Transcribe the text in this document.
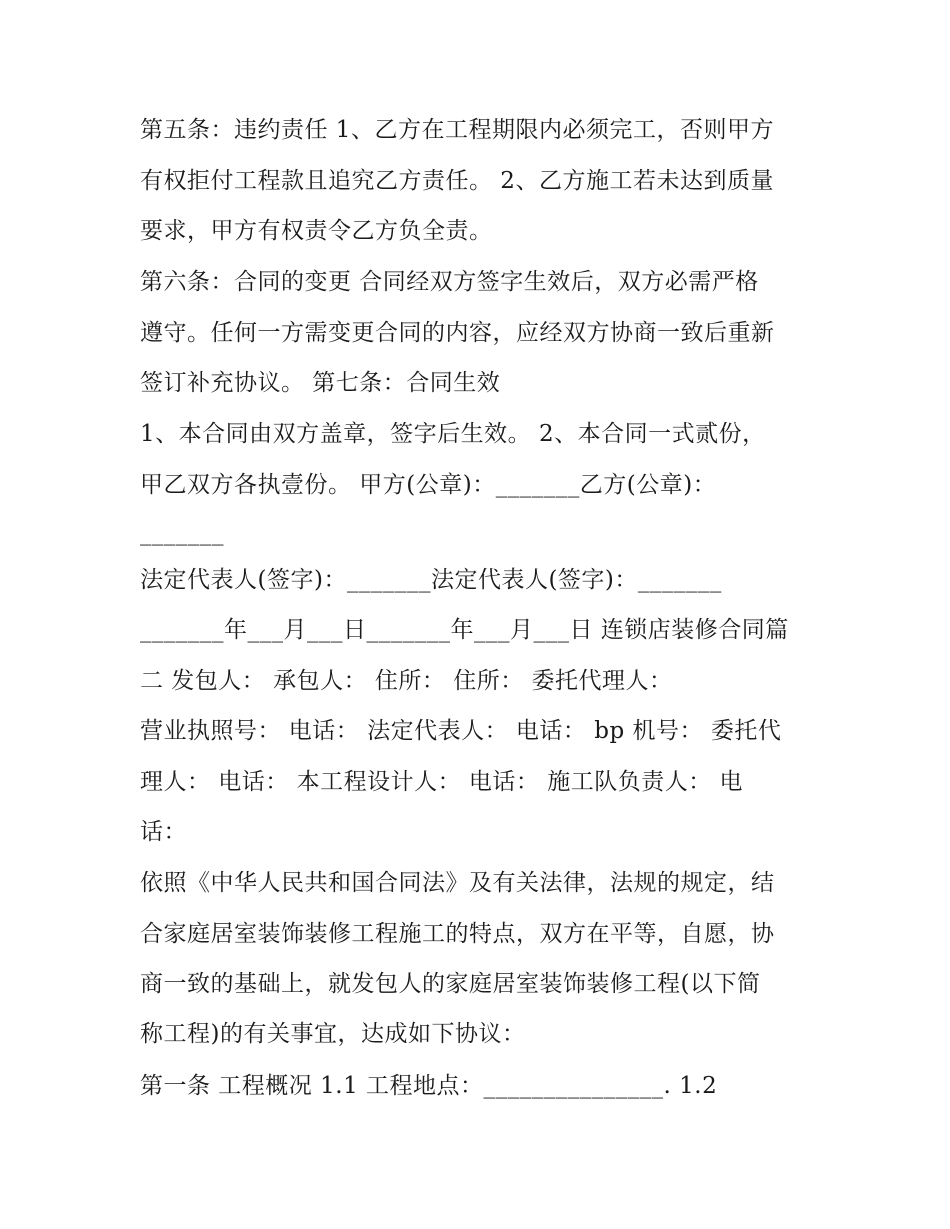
第五条：违约责任 1、乙方在工程期限内必须完工，否则甲方
有权拒付工程款且追究乙方责任。 2、乙方施工若未达到质量
要求，甲方有权责令乙方负全责。
第六条：合同的变更 合同经双方签字生效后，双方必需严格
遵守。任何一方需变更合同的内容，应经双方协商一致后重新
签订补充协议。 第七条：合同生效
1、本合同由双方盖章，签字后生效。 2、本合同一式贰份，
甲乙双方各执壹份。 甲方(公章)：_______乙方(公章)：
_______
法定代表人(签字)：_______法定代表人(签字)：_______
_______年___月___日_______年___月___日 连锁店装修合同篇
二 发包人： 承包人： 住所： 住所： 委托代理人：
营业执照号： 电话： 法定代表人： 电话： bp 机号： 委托代
理人： 电话： 本工程设计人： 电话： 施工队负责人： 电
话：
依照《中华人民共和国合同法》及有关法律，法规的规定，结
合家庭居室装饰装修工程施工的特点，双方在平等，自愿，协
商一致的基础上，就发包人的家庭居室装饰装修工程(以下简
称工程)的有关事宜，达成如下协议：
第一条 工程概况 1.1 工程地点：_______________. 1.2
